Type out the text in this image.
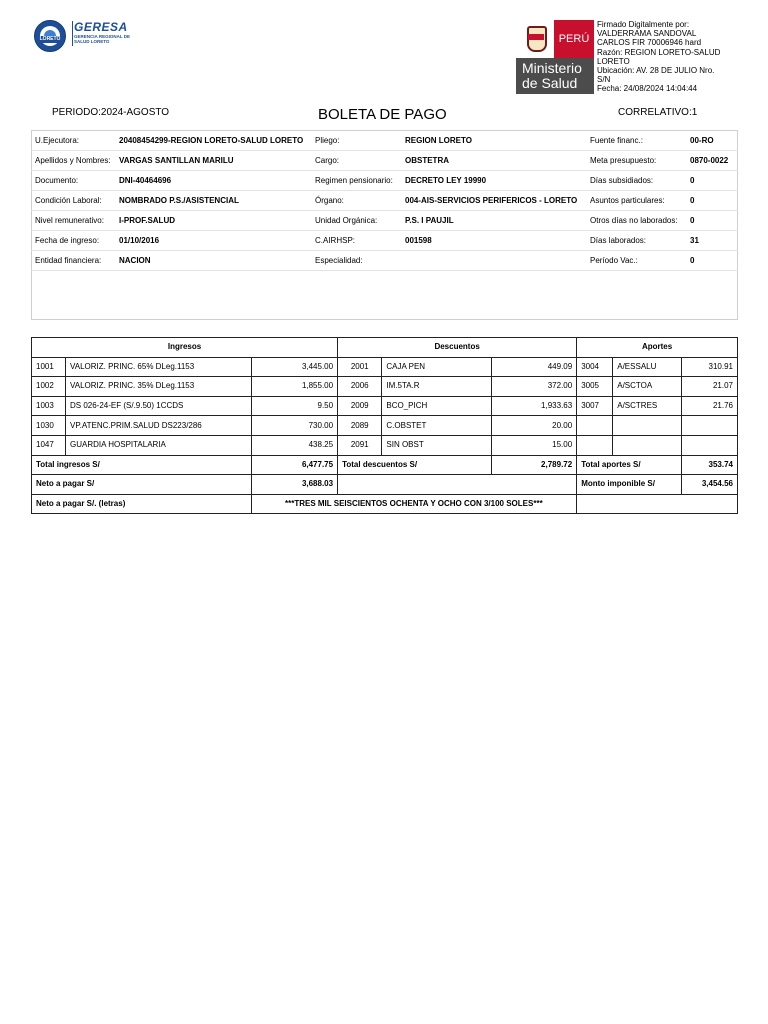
LORETO
GERESA
GERENCIA REGIONAL DE SALUD LORETO	PERÚ
Ministerio de Salud
Firmado Digitalmente por:
VALDERRAMA SANDOVAL
CARLOS FIR 70006946 hard
Razón: REGION LORETO-SALUD
LORETO
Ubicación: AV. 28 DE JULIO Nro.
S/N
Fecha: 24/08/2024 14:04:44
PERIODO:2024-AGOSTO	BOLETA DE PAGO	CORRELATIVO:1
U.Ejecutora:	20408454299-REGION LORETO-SALUD LORETO	Pliego:	REGION LORETO	Fuente financ.:	00-RO
Apellidos y Nombres:	VARGAS SANTILLAN MARILU	Cargo:	OBSTETRA	Meta presupuesto:	0870-0022
Documento:	DNI-40464696	Regimen pensionario:	DECRETO LEY 19990	Días subsidiados:	0
Condición Laboral:	NOMBRADO P.S./ASISTENCIAL	Órgano:	004-AIS-SERVICIOS PERIFERICOS - LORETO	Asuntos particulares:	0
Nivel remunerativo:	I-PROF.SALUD	Unidad Orgánica:	P.S. I PAUJIL	Otros días no laborados:	0
Fecha de ingreso:	01/10/2016	C.AIRHSP:	001598	Días laborados:	31
Entidad financiera:	NACION	Especialidad:		Período Vac.:	0
Ingresos			Descuentos			Aportes		
1001	VALORIZ. PRINC. 65% DLeg.1153	3,445.00	2001	CAJA PEN	449.09	3004	A/ESSALU	310.91
1002	VALORIZ. PRINC. 35% DLeg.1153	1,855.00	2006	IM.5TA.R	372.00	3005	A/SCTOA	21.07
1003	DS 026-24-EF (S/.9.50) 1CCDS	9.50	2009	BCO_PICH	1,933.63	3007	A/SCTRES	21.76
1030	VP.ATENC.PRIM.SALUD DS223/286	730.00	2089	C.OBSTET	20.00			
1047	GUARDIA HOSPITALARIA	438.25	2091	SIN OBST	15.00			
Total ingresos S/		6,477.75	Total descuentos S/		2,789.72	Total aportes S/		353.74
Neto a pagar S/		3,688.03				Monto imponible S/		3,454.56
Neto a pagar S/. (letras)		***TRES MIL SEISCIENTOS OCHENTA Y OCHO CON 3/100 SOLES***						
